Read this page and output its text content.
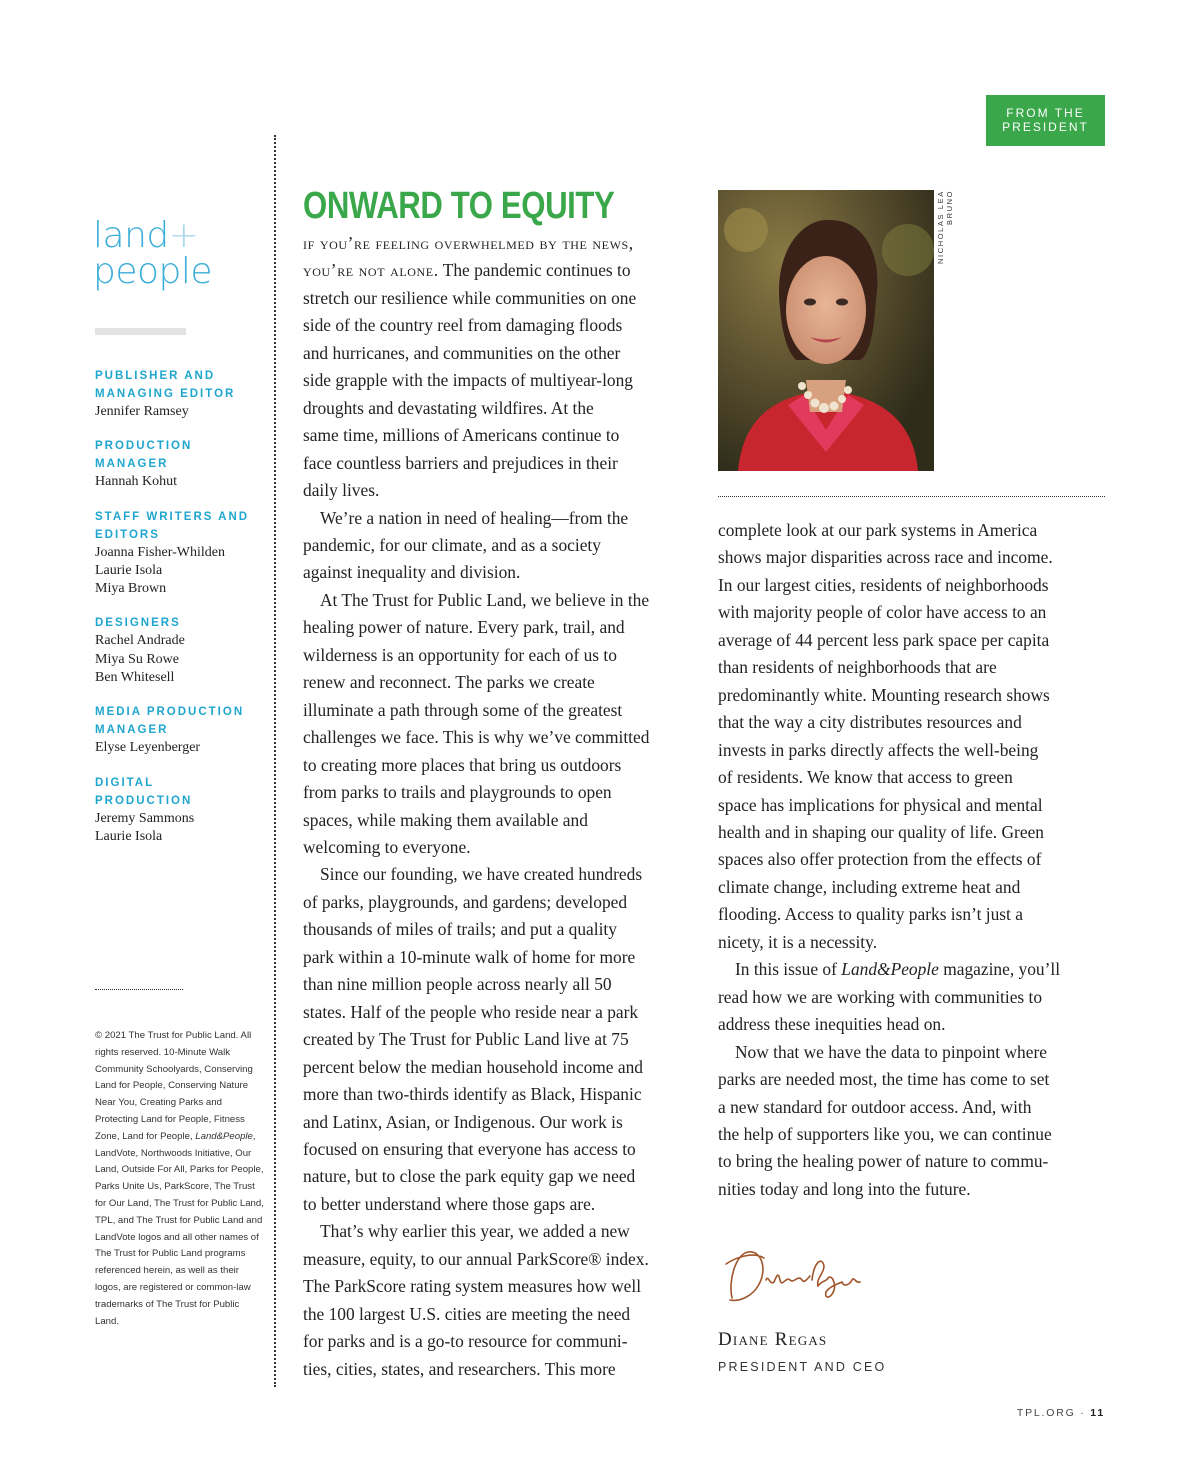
FROM THE
PRESIDENT
land+
people
PUBLISHER AND
MANAGING EDITOR
Jennifer Ramsey
PRODUCTION
MANAGER
Hannah Kohut
STAFF WRITERS AND
EDITORS
Joanna Fisher-Whilden
Laurie Isola
Miya Brown
DESIGNERS
Rachel Andrade
Miya Su Rowe
Ben Whitesell
MEDIA PRODUCTION
MANAGER
Elyse Leyenberger
DIGITAL
PRODUCTION
Jeremy Sammons
Laurie Isola
© 2021 The Trust for Public Land. All rights reserved. 10-Minute Walk Community Schoolyards, Conserving Land for People, Conserving Nature Near You, Creating Parks and Protecting Land for People, Fitness Zone, Land for People, Land&People, LandVote, Northwoods Initiative, Our Land, Outside For All, Parks for People, Parks Unite Us, ParkScore, The Trust for Our Land, The Trust for Public Land, TPL, and The Trust for Public Land and LandVote logos and all other names of The Trust for Public Land programs referenced herein, as well as their logos, are registered or common-law trademarks of The Trust for Public Land.
ONWARD TO EQUITY
if you’re feeling overwhelmed by the news,
you’re not alone. The pandemic continues to
stretch our resilience while communities on one
side of the country reel from damaging floods
and hurricanes, and communities on the other
side grapple with the impacts of multiyear-long
droughts and devastating wildfires. At the
same time, millions of Americans continue to
face countless barriers and prejudices in their
daily lives.
We’re a nation in need of healing—from the
pandemic, for our climate, and as a society
against inequality and division.
At The Trust for Public Land, we believe in the
healing power of nature. Every park, trail, and
wilderness is an opportunity for each of us to
renew and reconnect. The parks we create
illuminate a path through some of the greatest
challenges we face. This is why we’ve committed
to creating more places that bring us outdoors
from parks to trails and playgrounds to open
spaces, while making them available and
welcoming to everyone.
Since our founding, we have created hundreds
of parks, playgrounds, and gardens; developed
thousands of miles of trails; and put a quality
park within a 10-minute walk of home for more
than nine million people across nearly all 50
states. Half of the people who reside near a park
created by The Trust for Public Land live at 75
percent below the median household income and
more than two-thirds identify as Black, Hispanic
and Latinx, Asian, or Indigenous. Our work is
focused on ensuring that everyone has access to
nature, but to close the park equity gap we need
to better understand where those gaps are.
That’s why earlier this year, we added a new
measure, equity, to our annual ParkScore® index.
The ParkScore rating system measures how well
the 100 largest U.S. cities are meeting the need
for parks and is a go-to resource for communi-
ties, cities, states, and researchers. This more
NICHOLAS LEA BRUNO
complete look at our park systems in America
shows major disparities across race and income.
In our largest cities, residents of neighborhoods
with majority people of color have access to an
average of 44 percent less park space per capita
than residents of neighborhoods that are
predominantly white. Mounting research shows
that the way a city distributes resources and
invests in parks directly affects the well-being
of residents. We know that access to green
space has implications for physical and mental
health and in shaping our quality of life. Green
spaces also offer protection from the effects of
climate change, including extreme heat and
flooding. Access to quality parks isn’t just a
nicety, it is a necessity.
In this issue of Land&People magazine, you’ll
read how we are working with communities to
address these inequities head on.
Now that we have the data to pinpoint where
parks are needed most, the time has come to set
a new standard for outdoor access. And, with
the help of supporters like you, we can continue
to bring the healing power of nature to commu-
nities today and long into the future.
Diane Regas
PRESIDENT AND CEO
TPL.ORG · 11
